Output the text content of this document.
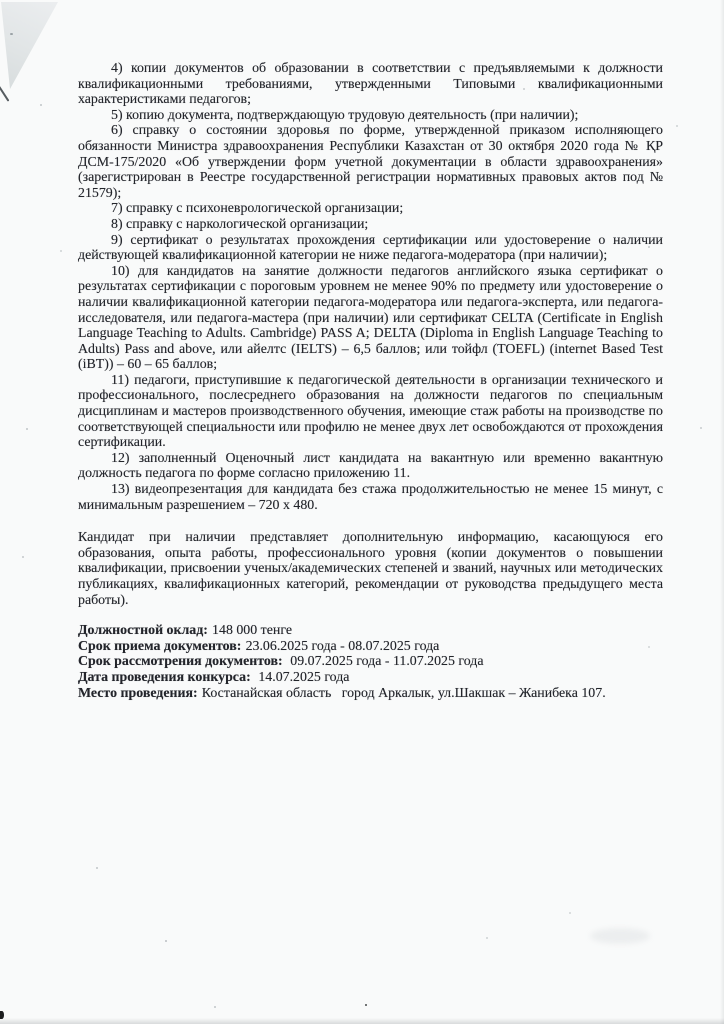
4) копии документов об образовании в соответствии с предъявляемыми к должности квалификационными требованиями, утвержденными Типовыми квалификационными характеристиками педагогов;

5) копию документа, подтверждающую трудовую деятельность (при наличии);

6) справку о состоянии здоровья по форме, утвержденной приказом исполняющего обязанности Министра здравоохранения Республики Казахстан от 30 октября 2020 года № ҚР ДСМ-175/2020 «Об утверждении форм учетной документации в области здравоохранения» (зарегистрирован в Реестре государственной регистрации нормативных правовых актов под № 21579);

7) справку с психоневрологической организации;

8) справку с наркологической организации;

9) сертификат о результатах прохождения сертификации или удостоверение о наличии действующей квалификационной категории не ниже педагога-модератора (при наличии);

10) для кандидатов на занятие должности педагогов английского языка сертификат о результатах сертификации с пороговым уровнем не менее 90% по предмету или удостоверение о наличии квалификационной категории педагога-модератора или педагога-эксперта, или педагога-исследователя, или педагога-мастера (при наличии) или сертификат CELTA (Certificate in English Language Teaching to Adults. Cambridge) PASS A; DELTA (Diploma in English Language Teaching to Adults) Pass and above, или айелтс (IELTS) – 6,5 баллов; или тойфл (TOEFL) (internet Based Test (iBT)) – 60 – 65 баллов;

11) педагоги, приступившие к педагогической деятельности в организации технического и профессионального, послесреднего образования на должности педагогов по специальным дисциплинам и мастеров производственного обучения, имеющие стаж работы на производстве по соответствующей специальности или профилю не менее двух лет освобождаются от прохождения сертификации.

12) заполненный Оценочный лист кандидата на вакантную или временно вакантную должность педагога по форме согласно приложению 11.

13) видеопрезентация для кандидата без стажа продолжительностью не менее 15 минут, с минимальным разрешением – 720 х 480.

Кандидат при наличии представляет дополнительную информацию, касающуюся его образования, опыта работы, профессионального уровня (копии документов о повышении квалификации, присвоении ученых/академических степеней и званий, научных или методических публикациях, квалификационных категорий, рекомендации от руководства предыдущего места работы).

Должностной оклад: 148 000 тенге

Срок приема документов: 23.06.2025 года - 08.07.2025 года

Срок рассмотрения документов: 09.07.2025 года - 11.07.2025 года

Дата проведения конкурса: 14.07.2025 года

Место проведения: Костанайская область   город Аркалык, ул.Шакшак – Жанибека 107.
